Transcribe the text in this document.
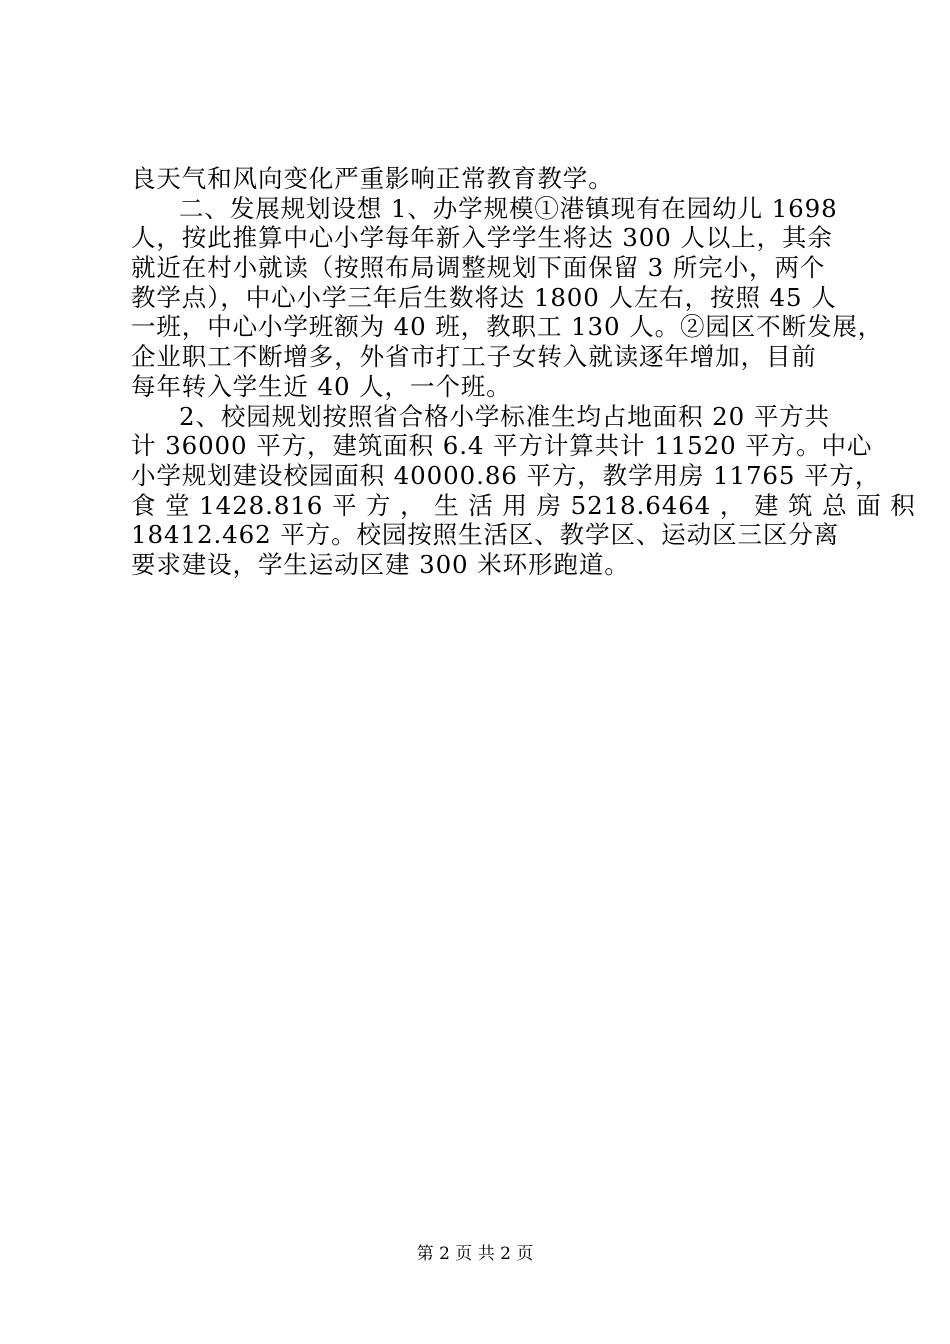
良天气和风向变化严重影响正常教育教学。
二、发展规划设想 1、办学规模①港镇现有在园幼儿 1698
人，按此推算中心小学每年新入学学生将达 300 人以上，其余
就近在村小就读（按照布局调整规划下面保留 3 所完小，两个
教学点），中心小学三年后生数将达 1800 人左右，按照 45 人
一班，中心小学班额为 40 班，教职工 130 人。②园区不断发展，
企业职工不断增多，外省市打工子女转入就读逐年增加，目前
每年转入学生近 40 人，一个班。
2、校园规划按照省合格小学标准生均占地面积 20 平方共
计 36000 平方，建筑面积 6.4 平方计算共计 11520 平方。中心
小学规划建设校园面积 40000.86 平方，教学用房 11765 平方，
食 堂 1428.816 平 方 ， 生 活 用 房 5218.6464 ， 建 筑 总 面 积
18412.462 平方。校园按照生活区、教学区、运动区三区分离
要求建设，学生运动区建 300 米环形跑道。
第 2 页 共 2 页
